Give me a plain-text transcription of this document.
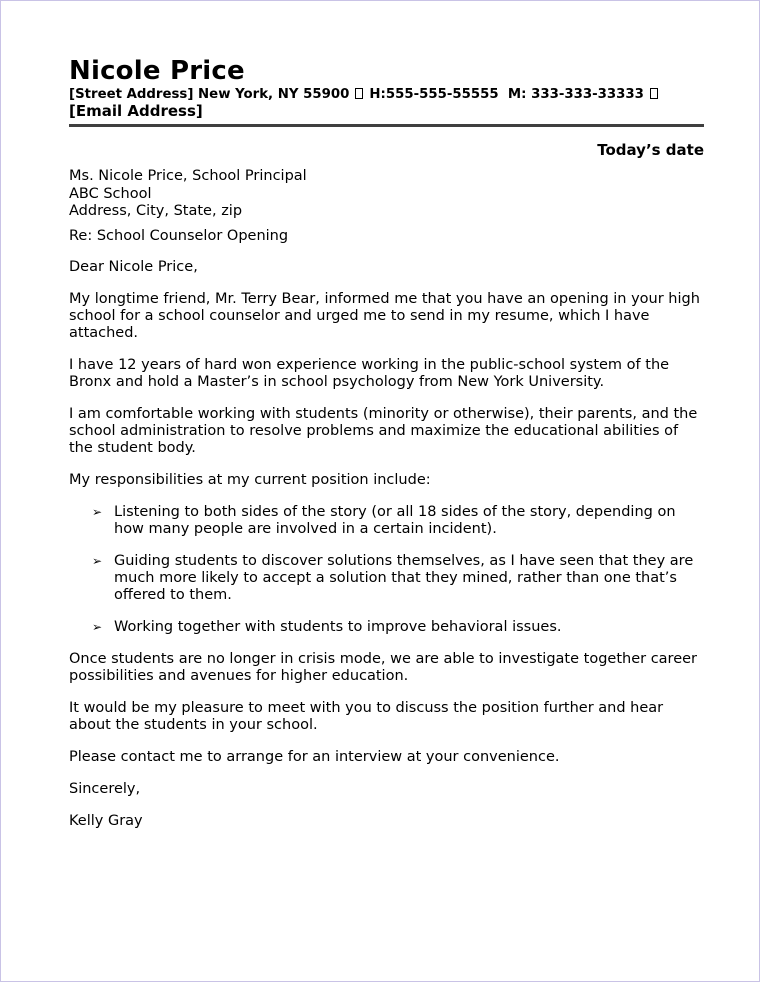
Nicole Price
[Street Address] New York, NY 55900 H:555-555-55555 M: 333-333-33333[Email Address]
Today’s date
Ms. Nicole Price, School Principal
ABC School
Address, City, State, zip
Re: School Counselor Opening

Dear Nicole Price,

My longtime friend, Mr. Terry Bear, informed me that you have an opening in your high school for a school counselor and urged me to send in my resume, which I have attached.

I have 12 years of hard won experience working in the public-school system of the Bronx and hold a Master’s in school psychology from New York University.

I am comfortable working with students (minority or otherwise), their parents, and the school administration to resolve problems and maximize the educational abilities of the student body.

My responsibilities at my current position include:

➢ Listening to both sides of the story (or all 18 sides of the story, depending on how many people are involved in a certain incident).
➢ Guiding students to discover solutions themselves, as I have seen that they are much more likely to accept a solution that they mined, rather than one that’s offered to them.
➢ Working together with students to improve behavioral issues.

Once students are no longer in crisis mode, we are able to investigate together career possibilities and avenues for higher education.

It would be my pleasure to meet with you to discuss the position further and hear about the students in your school.

Please contact me to arrange for an interview at your convenience.

Sincerely,

Kelly Gray
